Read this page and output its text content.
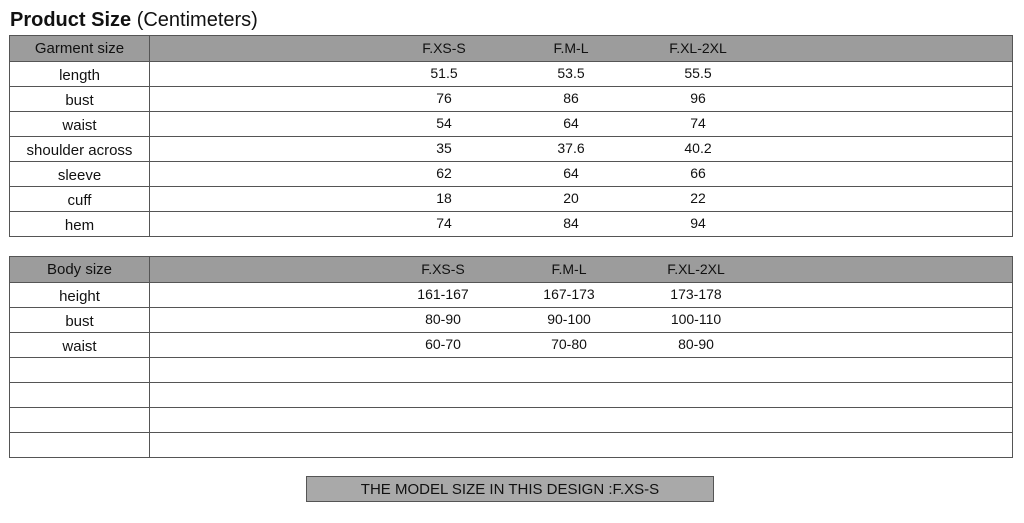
Product Size (Centimeters)
Garment size	F.XS-S	F.M-L	F.XL-2XL
length	51.5	53.5	55.5
bust	76	86	96
waist	54	64	74
shoulder across	35	37.6	40.2
sleeve	62	64	66
cuff	18	20	22
hem	74	84	94
Body size	F.XS-S	F.M-L	F.XL-2XL
height	161-167	167-173	173-178
bust	80-90	90-100	100-110
waist	60-70	70-80	80-90
THE MODEL SIZE IN THIS DESIGN :F.XS-S
